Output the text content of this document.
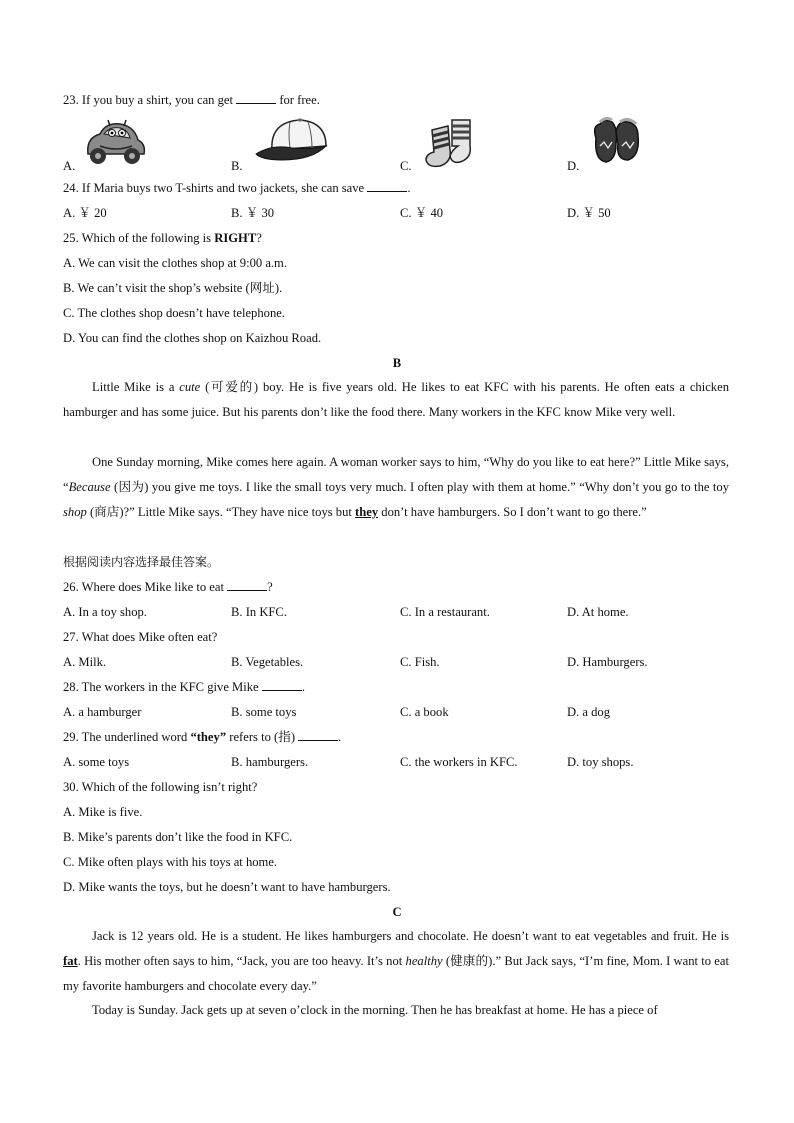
23. If you buy a shirt, you can get	for free.
A.	B.	C.	D.
24. If Maria buys two T-shirts and two jackets, she can save	.
A. ￥ 20	B. ￥ 30	C. ￥ 40	D. ￥ 50
25. Which of the following is RIGHT?
A. We can visit the clothes shop at 9:00 a.m.
B. We can’t visit the shop’s website (网址).
C. The clothes shop doesn’t have telephone.
D. You can find the clothes shop on Kaizhou Road.
B
Little Mike is a cute (可爱的) boy. He is five years old. He likes to eat KFC with his parents. He often eats a chicken hamburger and has some juice. But his parents don’t like the food there. Many workers in the KFC know Mike very well.
One Sunday morning, Mike comes here again. A woman worker says to him, “Why do you like to eat here?” Little Mike says, “Because (因为) you give me toys. I like the small toys very much. I often play with them at home.” “Why don’t you go to the toy shop (商店)?” Little Mike says. “They have nice toys but they don’t have hamburgers. So I don’t want to go there.”
根据阅读内容选择最佳答案。
26. Where does Mike like to eat	?
A. In a toy shop.	B. In KFC.	C. In a restaurant.	D. At home.
27. What does Mike often eat?
A. Milk.	B. Vegetables.	C. Fish.	D. Hamburgers.
28. The workers in the KFC give Mike	.
A. a hamburger	B. some toys	C. a book	D. a dog
29. The underlined word “they” refers to (指)	.
A. some toys	B. hamburgers.	C. the workers in KFC.	D. toy shops.
30. Which of the following isn’t right?
A. Mike is five.
B. Mike’s parents don’t like the food in KFC.
C. Mike often plays with his toys at home.
D. Mike wants the toys, but he doesn’t want to have hamburgers.
C
Jack is 12 years old. He is a student. He likes hamburgers and chocolate. He doesn’t want to eat vegetables and fruit. He is fat. His mother often says to him, “Jack, you are too heavy. It’s not healthy (健康的).” But Jack says, “I’m fine, Mom. I want to eat my favorite hamburgers and chocolate every day.”
Today is Sunday. Jack gets up at seven o’clock in the morning. Then he has breakfast at home. He has a piece of
